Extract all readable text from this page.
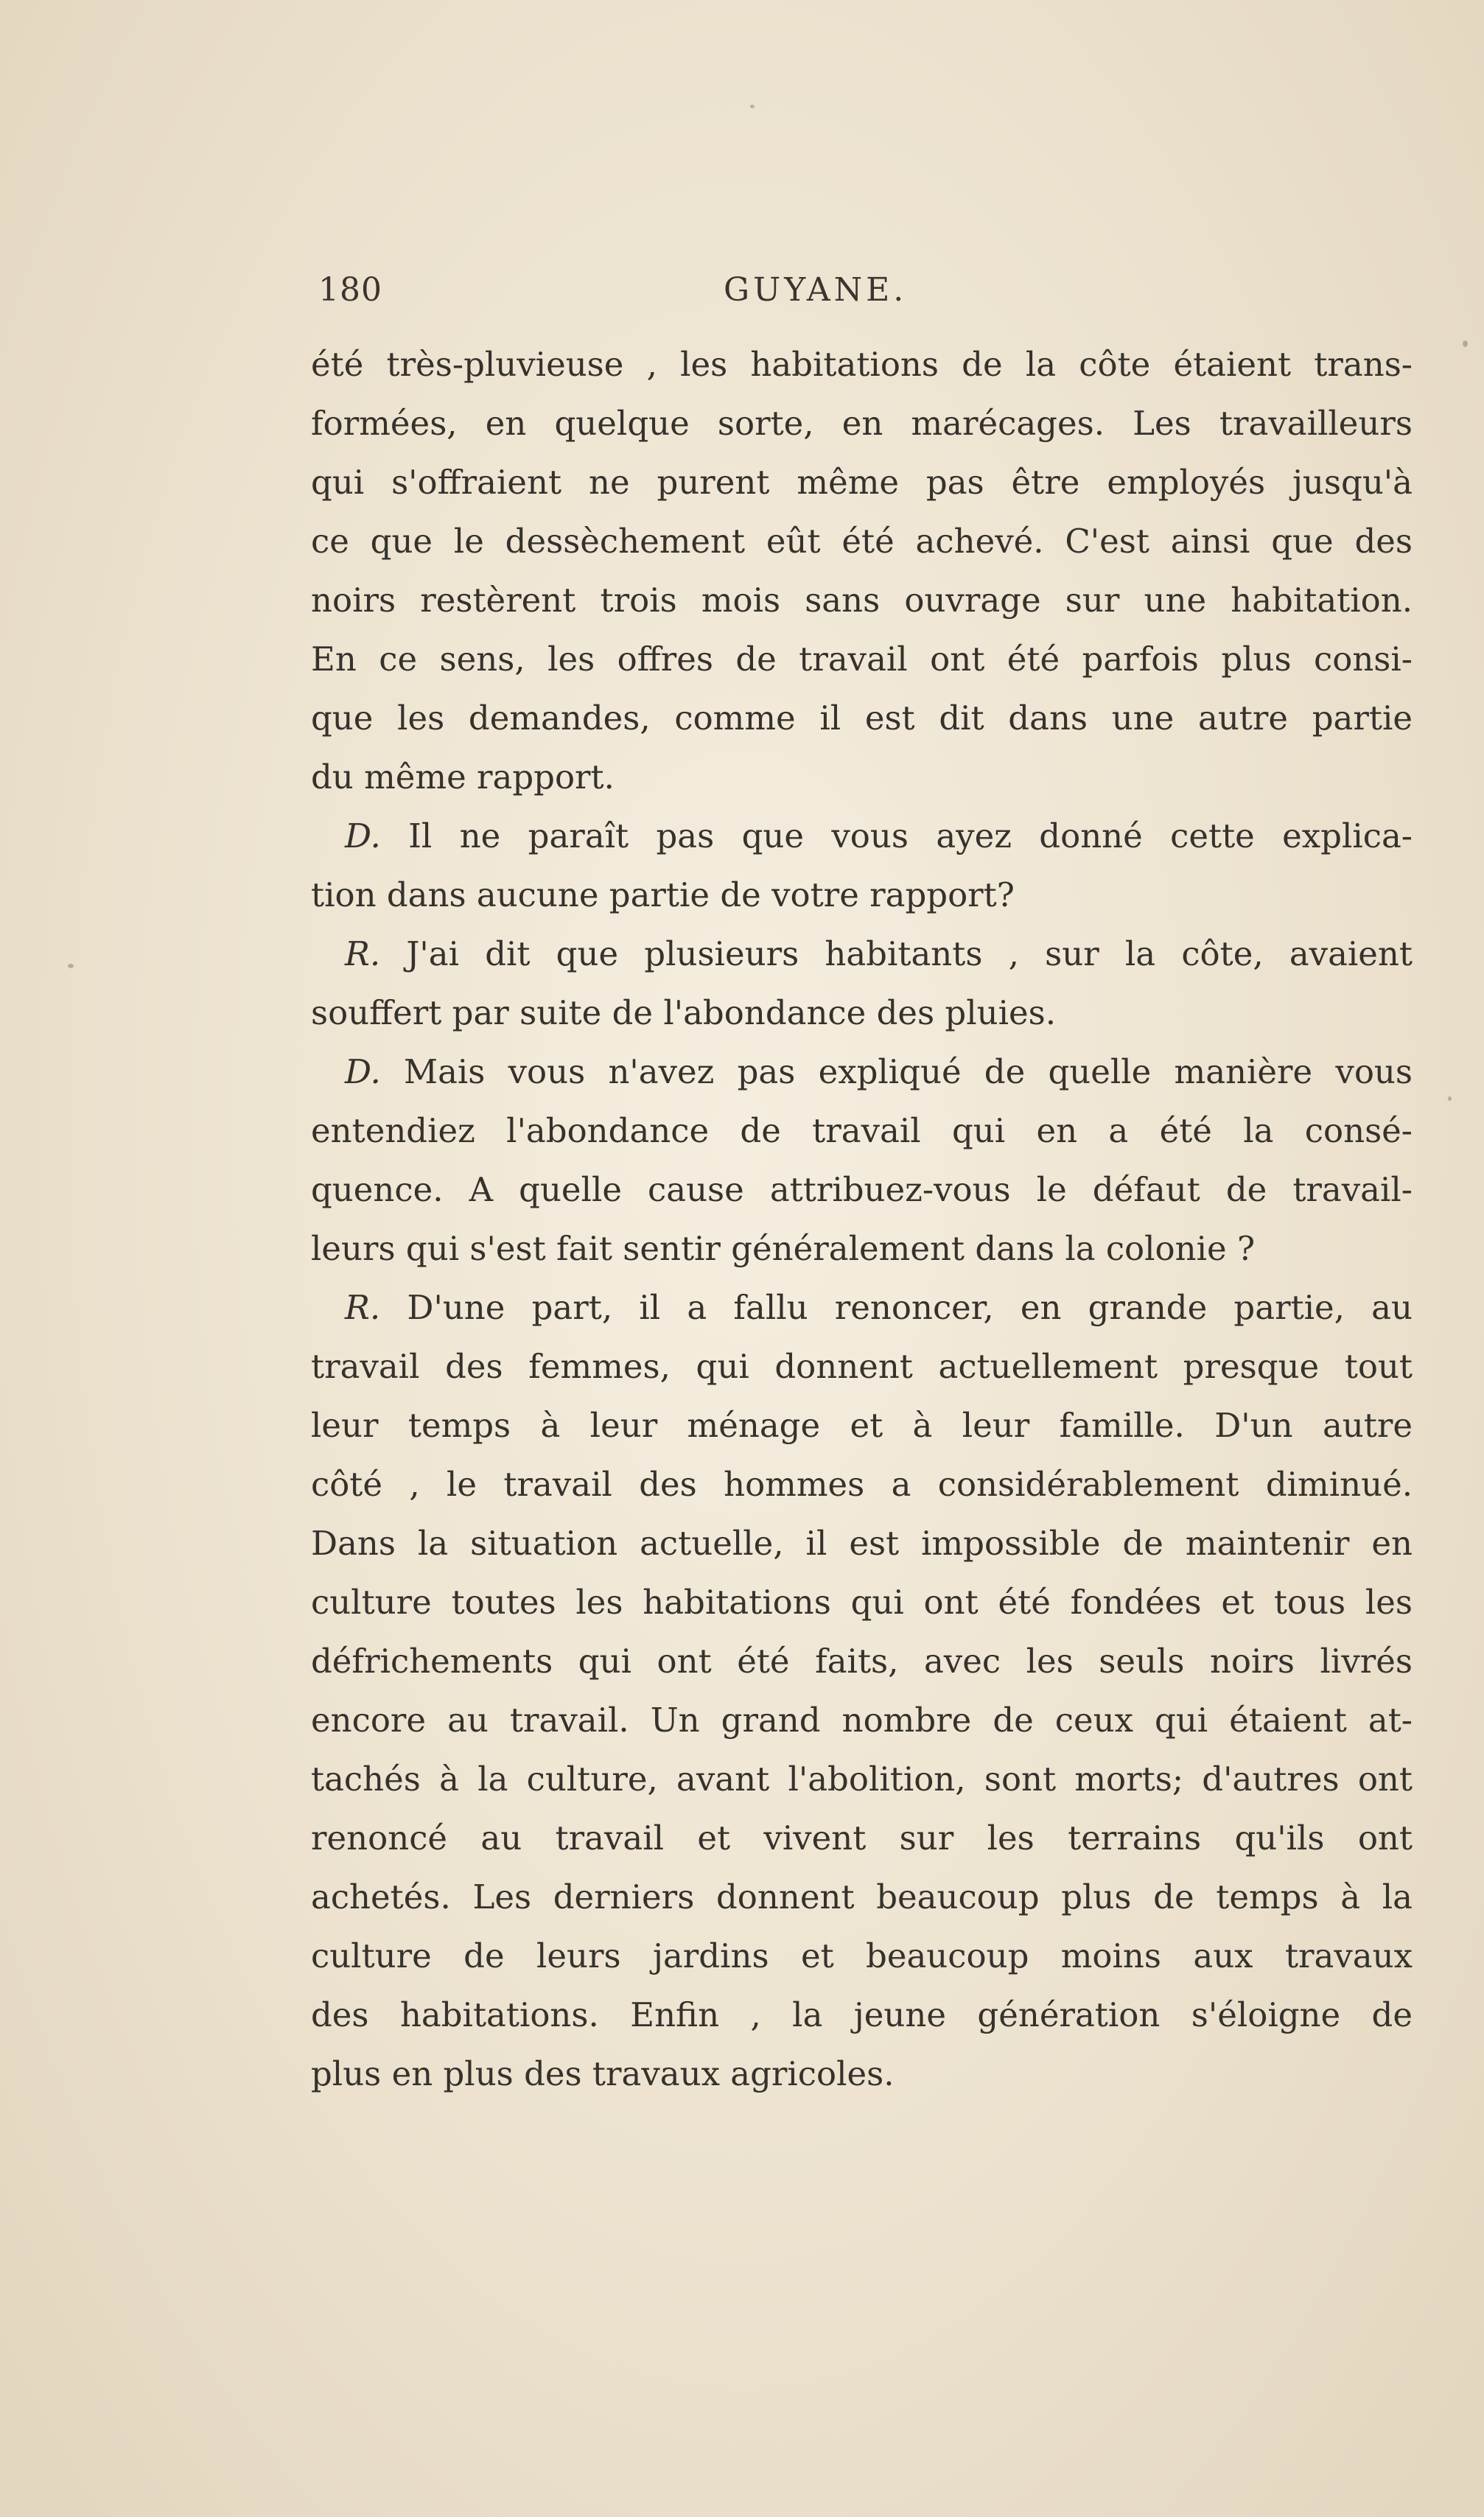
180	GUYANE.
été très-pluvieuse , les habitations de la côte étaient trans-
formées, en quelque sorte, en marécages. Les travailleurs
qui s'offraient ne purent même pas être employés jusqu'à
ce que le dessèchement eût été achevé. C'est ainsi que des
noirs restèrent trois mois sans ouvrage sur une habitation.
En ce sens, les offres de travail ont été parfois plus consi-
que les demandes, comme il est dit dans une autre partie
du même rapport.
D. Il ne paraît pas que vous ayez donné cette explica-
tion dans aucune partie de votre rapport?
R. J'ai dit que plusieurs habitants , sur la côte, avaient
souffert par suite de l'abondance des pluies.
D. Mais vous n'avez pas expliqué de quelle manière vous
entendiez l'abondance de travail qui en a été la consé-
quence. A quelle cause attribuez-vous le défaut de travail-
leurs qui s'est fait sentir généralement dans la colonie ?
R. D'une part, il a fallu renoncer, en grande partie, au
travail des femmes, qui donnent actuellement presque tout
leur temps à leur ménage et à leur famille. D'un autre
côté , le travail des hommes a considérablement diminué.
Dans la situation actuelle, il est impossible de maintenir en
culture toutes les habitations qui ont été fondées et tous les
défrichements qui ont été faits, avec les seuls noirs livrés
encore au travail. Un grand nombre de ceux qui étaient at-
tachés à la culture, avant l'abolition, sont morts; d'autres ont
renoncé au travail et vivent sur les terrains qu'ils ont
achetés. Les derniers donnent beaucoup plus de temps à la
culture de leurs jardins et beaucoup moins aux travaux
des habitations. Enfin , la jeune génération s'éloigne de
plus en plus des travaux agricoles.
